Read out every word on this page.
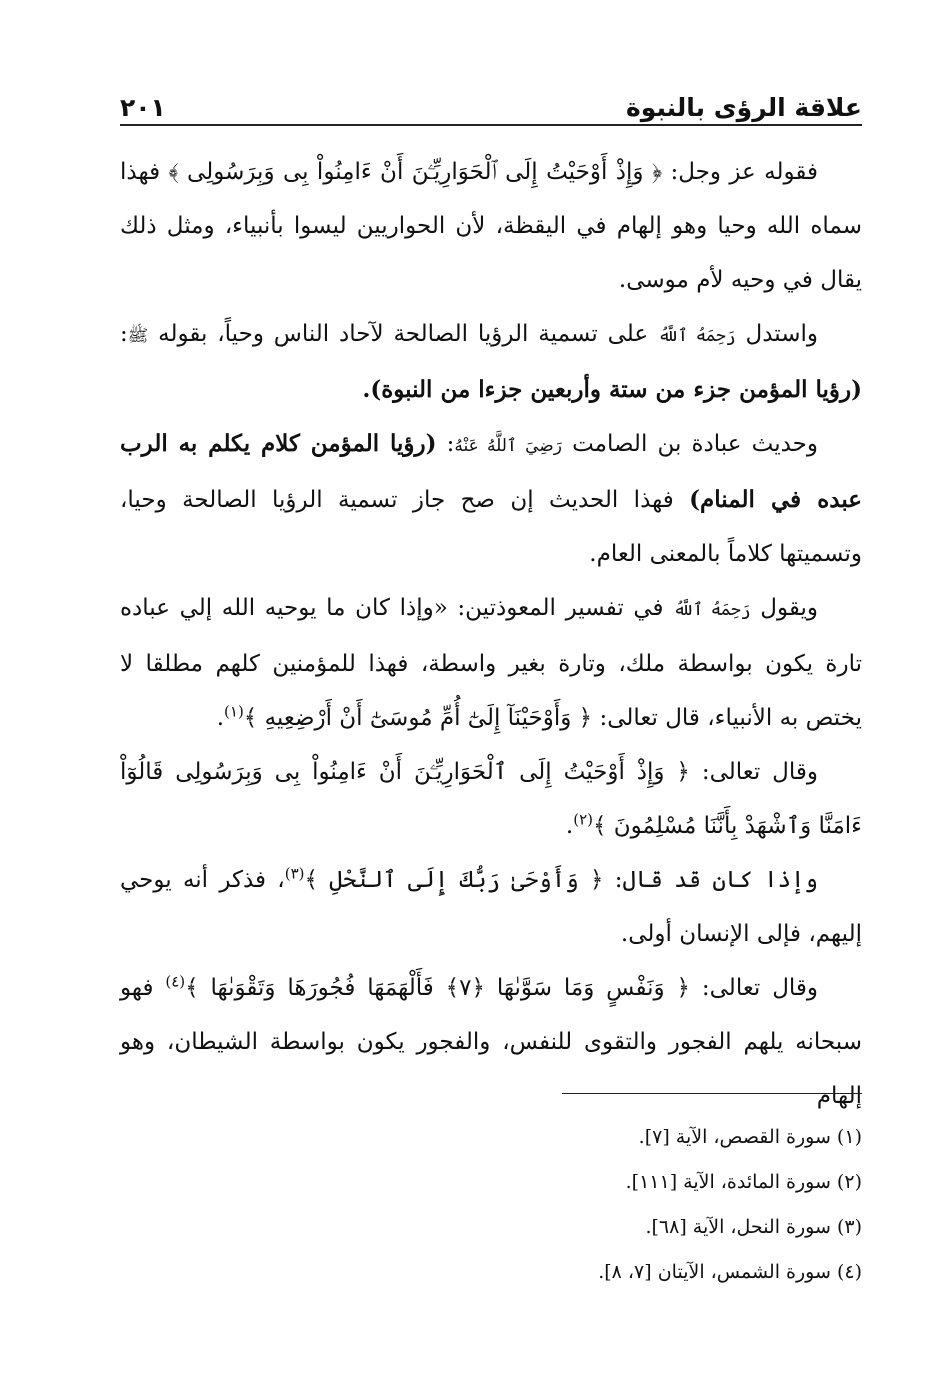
علاقة الرؤى بالنبوة
٢٠١

فقوله عز وجل: ﴿ وَإِذْ أَوْحَيْتُ إِلَى ٱلْحَوَارِيِّـۧنَ أَنْ ءَامِنُواْ بِى وَبِرَسُولِى ﴾ فهذا سماه الله وحيا وهو إلهام في اليقظة، لأن الحواريين ليسوا بأنبياء، ومثل ذلك يقال في وحيه لأم موسى.

واستدل رَحِمَهُ ٱللَّهُ على تسمية الرؤيا الصالحة لآحاد الناس وحياً، بقوله ﷺ: (رؤيا المؤمن جزء من ستة وأربعين جزءا من النبوة).

وحديث عبادة بن الصامت رَضِيَ ٱللَّهُ عَنْهُ: (رؤيا المؤمن كلام يكلم به الرب عبده في المنام) فهذا الحديث إن صح جاز تسمية الرؤيا الصالحة وحيا، وتسميتها كلاماً بالمعنى العام.

ويقول رَحِمَهُ ٱللَّهُ في تفسير المعوذتين: «وإذا كان ما يوحيه الله إلي عباده تارة يكون بواسطة ملك، وتارة بغير واسطة، فهذا للمؤمنين كلهم مطلقا لا يختص به الأنبياء، قال تعالى: ﴿ وَأَوْحَيْنَآ إِلَىٰٓ أُمِّ مُوسَىٰٓ أَنْ أَرْضِعِيهِ ﴾$^{(١)}$.

وقال تعالى: ﴿ وَإِذْ أَوْحَيْتُ إِلَى ٱلْحَوَارِيِّـۧنَ أَنْ ءَامِنُواْ بِى وَبِرَسُولِى قَالُوٓاْ ءَامَنَّا وَٱشْهَدْ بِأَنَّنَا مُسْلِمُونَ ﴾$^{(٢)}$.

وإذا كان قد قال: ﴿ وَأَوْحَىٰ رَبُّكَ إِلَى ٱلنَّحْلِ ﴾$^{(٣)}$، فذكر أنه يوحي إليهم، فإلى الإنسان أولى.

وقال تعالى: ﴿ وَنَفْسٍ وَمَا سَوَّىٰهَا ﴿٧﴾ فَأَلْهَمَهَا فُجُورَهَا وَتَقْوَىٰهَا ﴾$^{(٤)}$ فهو سبحانه يلهم الفجور والتقوى للنفس، والفجور يكون بواسطة الشيطان، وهو إلهام

(١) سورة القصص، الآية [٧].

(٢) سورة المائدة، الآية [١١١].

(٣) سورة النحل، الآية [٦٨].

(٤) سورة الشمس، الآيتان [٧، ٨].
